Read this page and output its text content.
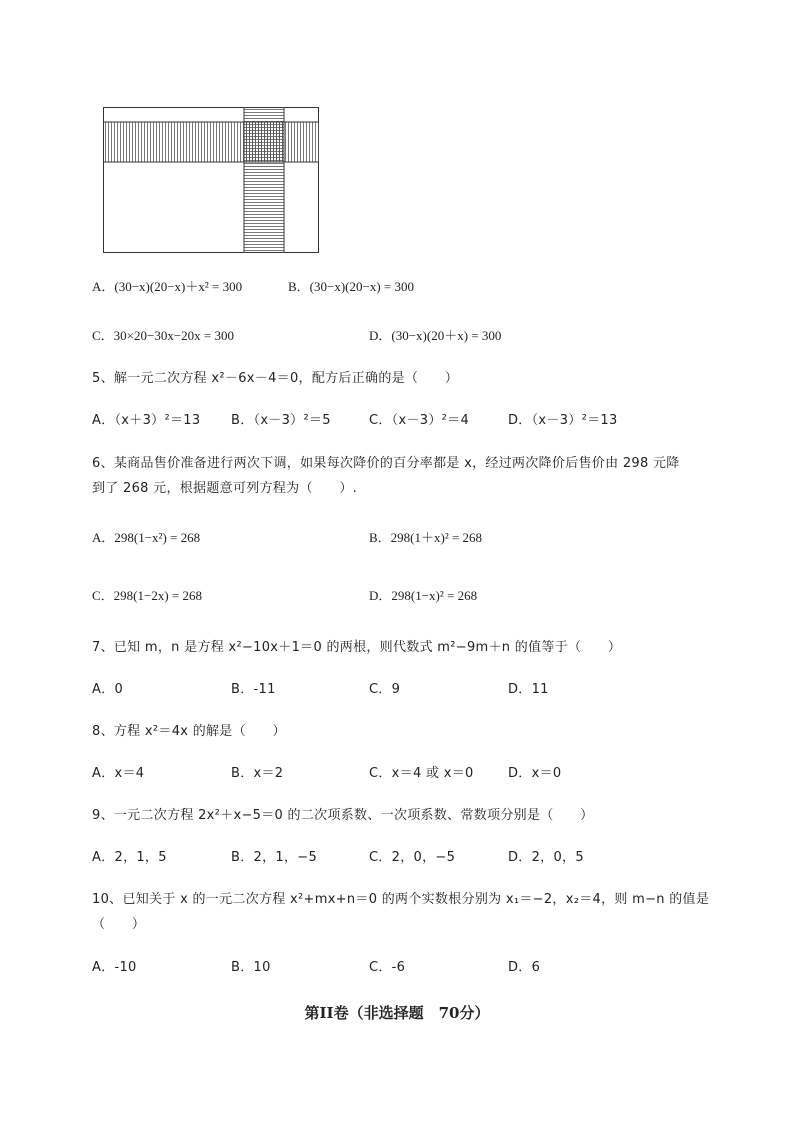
A．(30−x)(20−x)＋x² = 300	B．(30−x)(20−x) = 300
C．30×20−30x−20x = 300	D．(30−x)(20＋x) = 300
5、解一元二次方程 x²－6x－4＝0，配方后正确的是（　　）
A．（x＋3）²＝13 B．（x－3）²＝5	C．（x－3）²＝4	D．（x－3）²＝13
6、某商品售价准备进行两次下调，如果每次降价的百分率都是 x，经过两次降价后售价由 298 元降
到了 268 元，根据题意可列方程为（　　）.
A．298(1−x²) = 268	B．298(1＋x)² = 268
C．298(1−2x) = 268	D．298(1−x)² = 268
7、已知 m，n 是方程 x²−10x＋1＝0 的两根，则代数式 m²−9m＋n 的值等于（　　）
A．0	B．-11	C．9	D．11
8、方程 x²＝4x 的解是（　　）
A．x＝4	B．x＝2	C．x＝4 或 x＝0	D．x＝0
9、一元二次方程 2x²＋x−5＝0 的二次项系数、一次项系数、常数项分别是（　　）
A．2，1，5	B．2，1，−5	C．2，0，−5	D．2，0，5
10、已知关于 x 的一元二次方程 x²+mx+n＝0 的两个实数根分别为 x₁＝−2，x₂＝4，则 m−n 的值是
（　　）
A．-10	B．10	C．-6	D．6
第II卷（非选择题　70分）
